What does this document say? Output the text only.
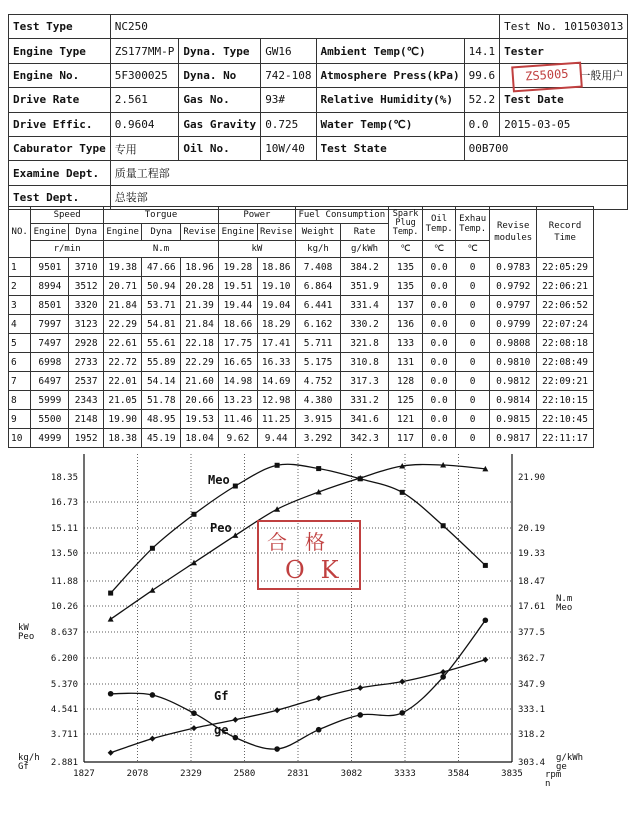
Test Type	NC250					Test No. 101503013
Engine Type	ZS177MM-P	Dyna. Type	GW16	Ambient Temp(℃)	14.1	Tester
Engine No.	5F300025	Dyna. No	742-108	Atmosphere Press(kPa)	99.6	一般用户
Drive Rate	2.561	Gas No.	93#	Relative Humidity(%)	52.2	Test Date
Drive Effic.	0.9604	Gas Gravity	0.725	Water Temp(℃)	0.0	2015-03-05
Caburator Type	专用	Oil No.	10W/40	Test State	00B700	
Examine Dept.	质量工程部					
Test Dept.	总装部					
ZS5005
NO.	Speed		Torgue			Power		Fuel Consumption		Spark Plug Temp.	Oil Temp.	Exhau Temp.	Revise modules	Record Time
	Engine	Dyna	Engine	Dyna	Revise	Engine	Revise	Weight	Rate					
	r/min		N.m			kW		kg/h	g/kWh	℃	℃	℃		
1	9501	3710	19.38	47.66	18.96	19.28	18.86	7.408	384.2	135	0.0	0	0.9783	22:05:29
2	8994	3512	20.71	50.94	20.28	19.51	19.10	6.864	351.9	135	0.0	0	0.9792	22:06:21
3	8501	3320	21.84	53.71	21.39	19.44	19.04	6.441	331.4	137	0.0	0	0.9797	22:06:52
4	7997	3123	22.29	54.81	21.84	18.66	18.29	6.162	330.2	136	0.0	0	0.9799	22:07:24
5	7497	2928	22.61	55.61	22.18	17.75	17.41	5.711	321.8	133	0.0	0	0.9808	22:08:18
6	6998	2733	22.72	55.89	22.29	16.65	16.33	5.175	310.8	131	0.0	0	0.9810	22:08:49
7	6497	2537	22.01	54.14	21.60	14.98	14.69	4.752	317.3	128	0.0	0	0.9812	22:09:21
8	5999	2343	21.05	51.78	20.66	13.23	12.98	4.380	331.2	125	0.0	0	0.9814	22:10:15
9	5500	2148	19.90	48.95	19.53	11.46	11.25	3.915	341.6	121	0.0	0	0.9815	22:10:45
10	4999	1952	18.38	45.19	18.04	9.62	9.44	3.292	342.3	117	0.0	0	0.9817	22:11:17
1827	2078	2329	2580	2831	3082	3333	3584	3835
18.35
16.73
15.11
13.50
11.88
10.26
8.637
6.200
5.370
4.541
3.711
2.881
21.90
20.19
19.33
18.47
17.61
377.5
362.7
347.9
333.1
318.2
303.4
kW
Peo
kg/h
Gf
N.m
Meo
g/kWh
ge
rpm
n
Meo
Peo
Gf
ge
合格
OK
